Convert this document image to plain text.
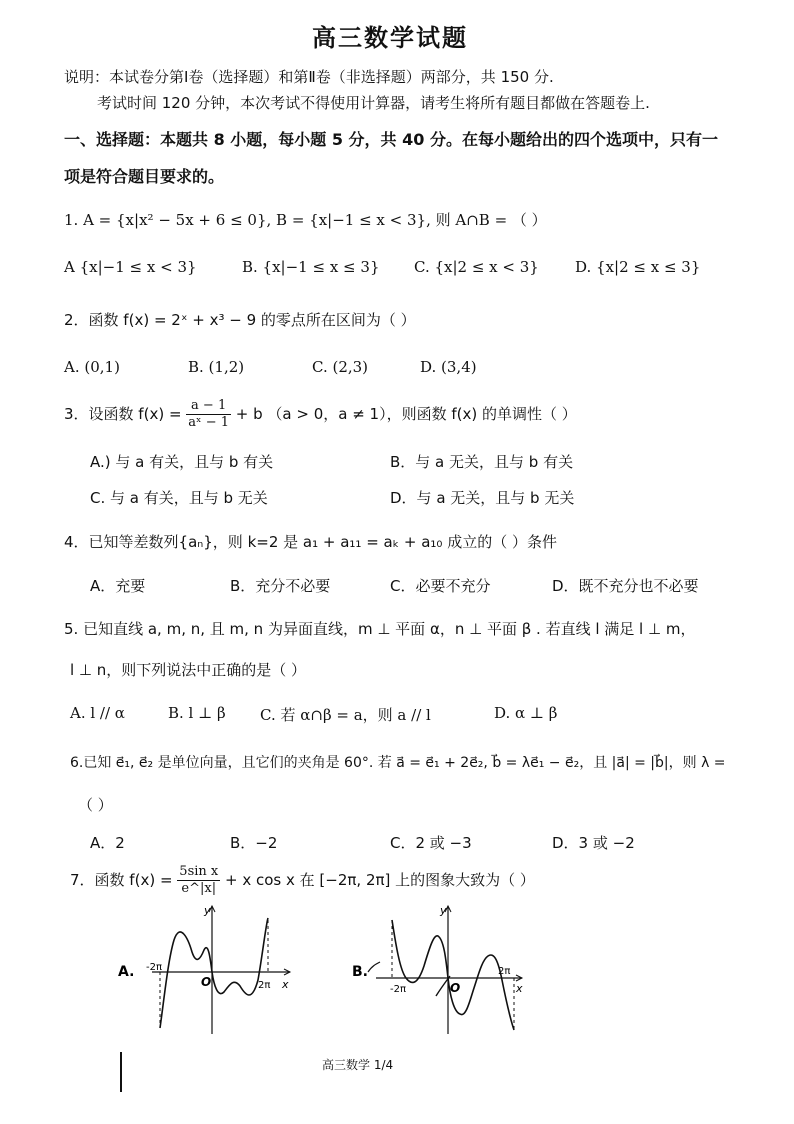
高三数学试题
说明：本试卷分第Ⅰ卷（选择题）和第Ⅱ卷（非选择题）两部分，共 150 分.
考试时间 120 分钟，本次考试不得使用计算器，请考生将所有题目都做在答题卷上.
一、选择题：本题共 8 小题，每小题 5 分，共 40 分。在每小题给出的四个选项中，只有一
项是符合题目要求的。
1. A = {x|x² − 5x + 6 ≤ 0}, B = {x|−1 ≤ x < 3}, 则 A∩B = （ ）
A {x|−1 ≤ x < 3}	B. {x|−1 ≤ x ≤ 3} C. {x|2 ≤ x < 3} D. {x|2 ≤ x ≤ 3}
2．函数 f(x) = 2ˣ + x³ − 9 的零点所在区间为（ ）
A. (0,1)	B. (1,2)	C. (2,3)	D. (3,4)
3．设函数 $f(x) = \frac{a - 1}{\text{aˣ − 1}} + b$ （a > 0，a ≠ 1），则函数 f(x) 的单调性（ ）
A.) 与 a 有关，且与 b 有关	B．与 a 无关，且与 b 有关
C. 与 a 有关，且与 b 无关	D．与 a 无关，且与 b 无关
4．已知等差数列{aₙ}，则 k=2 是 a₁ + a₁₁ = aₖ + a₁₀ 成立的（ ）条件
A．充要	B．充分不必要	C．必要不充分	D．既不充分也不必要
5. 已知直线 a, m, n, 且 m, n 为异面直线，m ⊥ 平面 α，n ⊥ 平面 β . 若直线 l 满足 l ⊥ m，
l ⊥ n，则下列说法中正确的是（ ）
A. l // α	B. l ⊥ β C. 若 α∩β = a，则 a // l	D. α ⊥ β
6.已知 e⃗₁, e⃗₂ 是单位向量，且它们的夹角是 60°. 若 a⃗ = e⃗₁ + 2e⃗₂, b⃗ = λe⃗₁ − e⃗₂，且 |a⃗| = |b⃗|，则 λ =
（ ）
A．2	B．−2	C．2 或 −3	D．3 或 −2
7．函数 $f(x) = \frac{\text{5sin x}}{e\^{}|x|} + x$ cos x 在 [−2π, 2π] 上的图象大致为（ ）
A.
y
x
O
-2π
2π
B.
y
x
O
-2π
2π
高三数学 1/4
